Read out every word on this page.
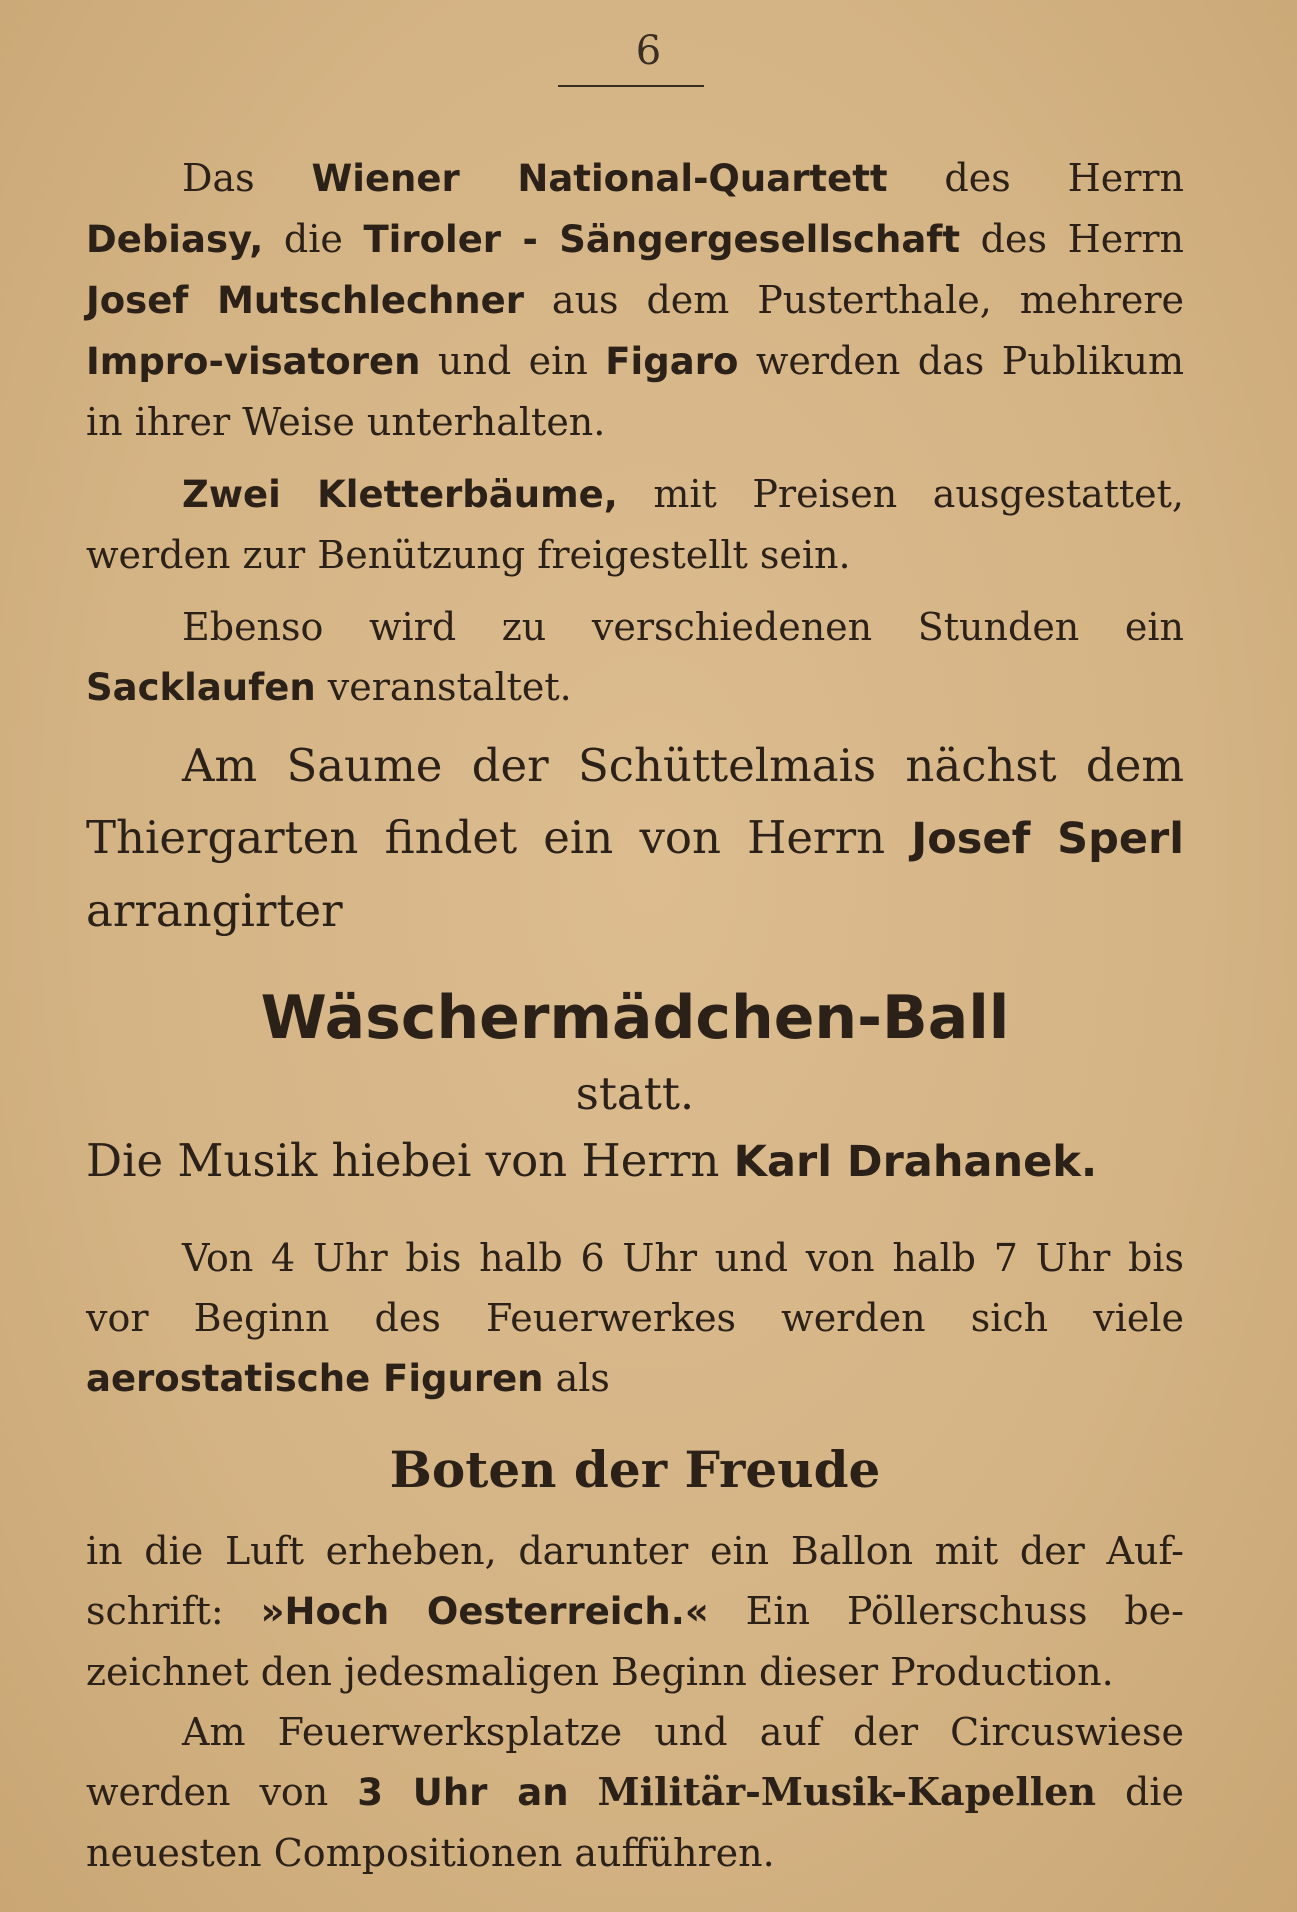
6

Das Wiener National-Quartett des Herrn Debiasy, die Tiroler - Sängergesellschaft des Herrn Josef Mutschlechner aus dem Pusterthale, mehrere Impro-visatoren und ein Figaro werden das Publikum in ihrer Weise unterhalten.

Zwei Kletterbäume, mit Preisen ausgestattet, werden zur Benützung freigestellt sein.

Ebenso wird zu verschiedenen Stunden ein Sacklaufen veranstaltet.

Am Saume der Schüttelmais nächst dem Thiergarten findet ein von Herrn Josef Sperl arrangirter

Wäschermädchen-Ball

statt.

Die Musik hiebei von Herrn Karl Drahanek.

Von 4 Uhr bis halb 6 Uhr und von halb 7 Uhr bis vor Beginn des Feuerwerkes werden sich viele aerostatische Figuren als

Boten der Freude

in die Luft erheben, darunter ein Ballon mit der Auf-schrift: »Hoch Oesterreich.« Ein Pöllerschuss be-zeichnet den jedesmaligen Beginn dieser Production.

Am Feuerwerksplatze und auf der Circuswiese werden von 3 Uhr an Militär-Musik-Kapellen die neuesten Compositionen aufführen.
